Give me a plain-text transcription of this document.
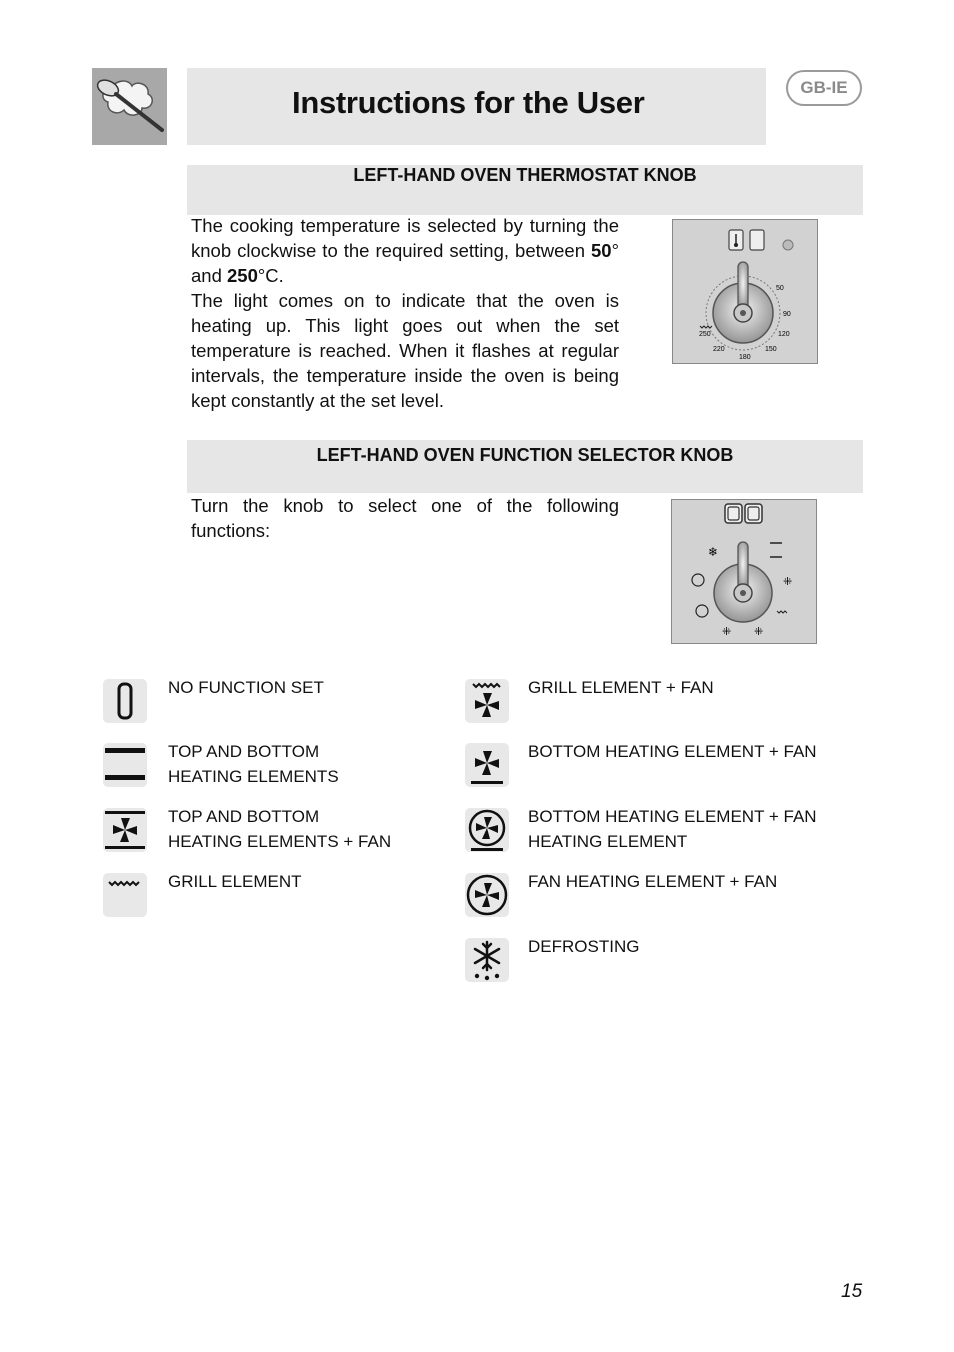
Instructions for the User	GB-IE
LEFT-HAND OVEN THERMOSTAT KNOB

The cooking temperature is selected by turning the knob clockwise to the required setting, between 50° and 250°C.

The light comes on to indicate that the oven is heating up. This light goes out when the set temperature is reached. When it flashes at regular intervals, the temperature inside the oven is being kept constantly at the set level.

50
90
120
150
180
220
250
LEFT-HAND OVEN FUNCTION SELECTOR KNOB

Turn the knob to select one of the following functions:

❄
⁜
⁜ ⁜
NO FUNCTION SET
TOP AND BOTTOM
HEATING ELEMENTS
TOP AND BOTTOM
HEATING ELEMENTS + FAN
GRILL ELEMENT
GRILL ELEMENT + FAN
BOTTOM HEATING ELEMENT + FAN
BOTTOM HEATING ELEMENT + FAN
HEATING ELEMENT
FAN HEATING ELEMENT + FAN
DEFROSTING
15
